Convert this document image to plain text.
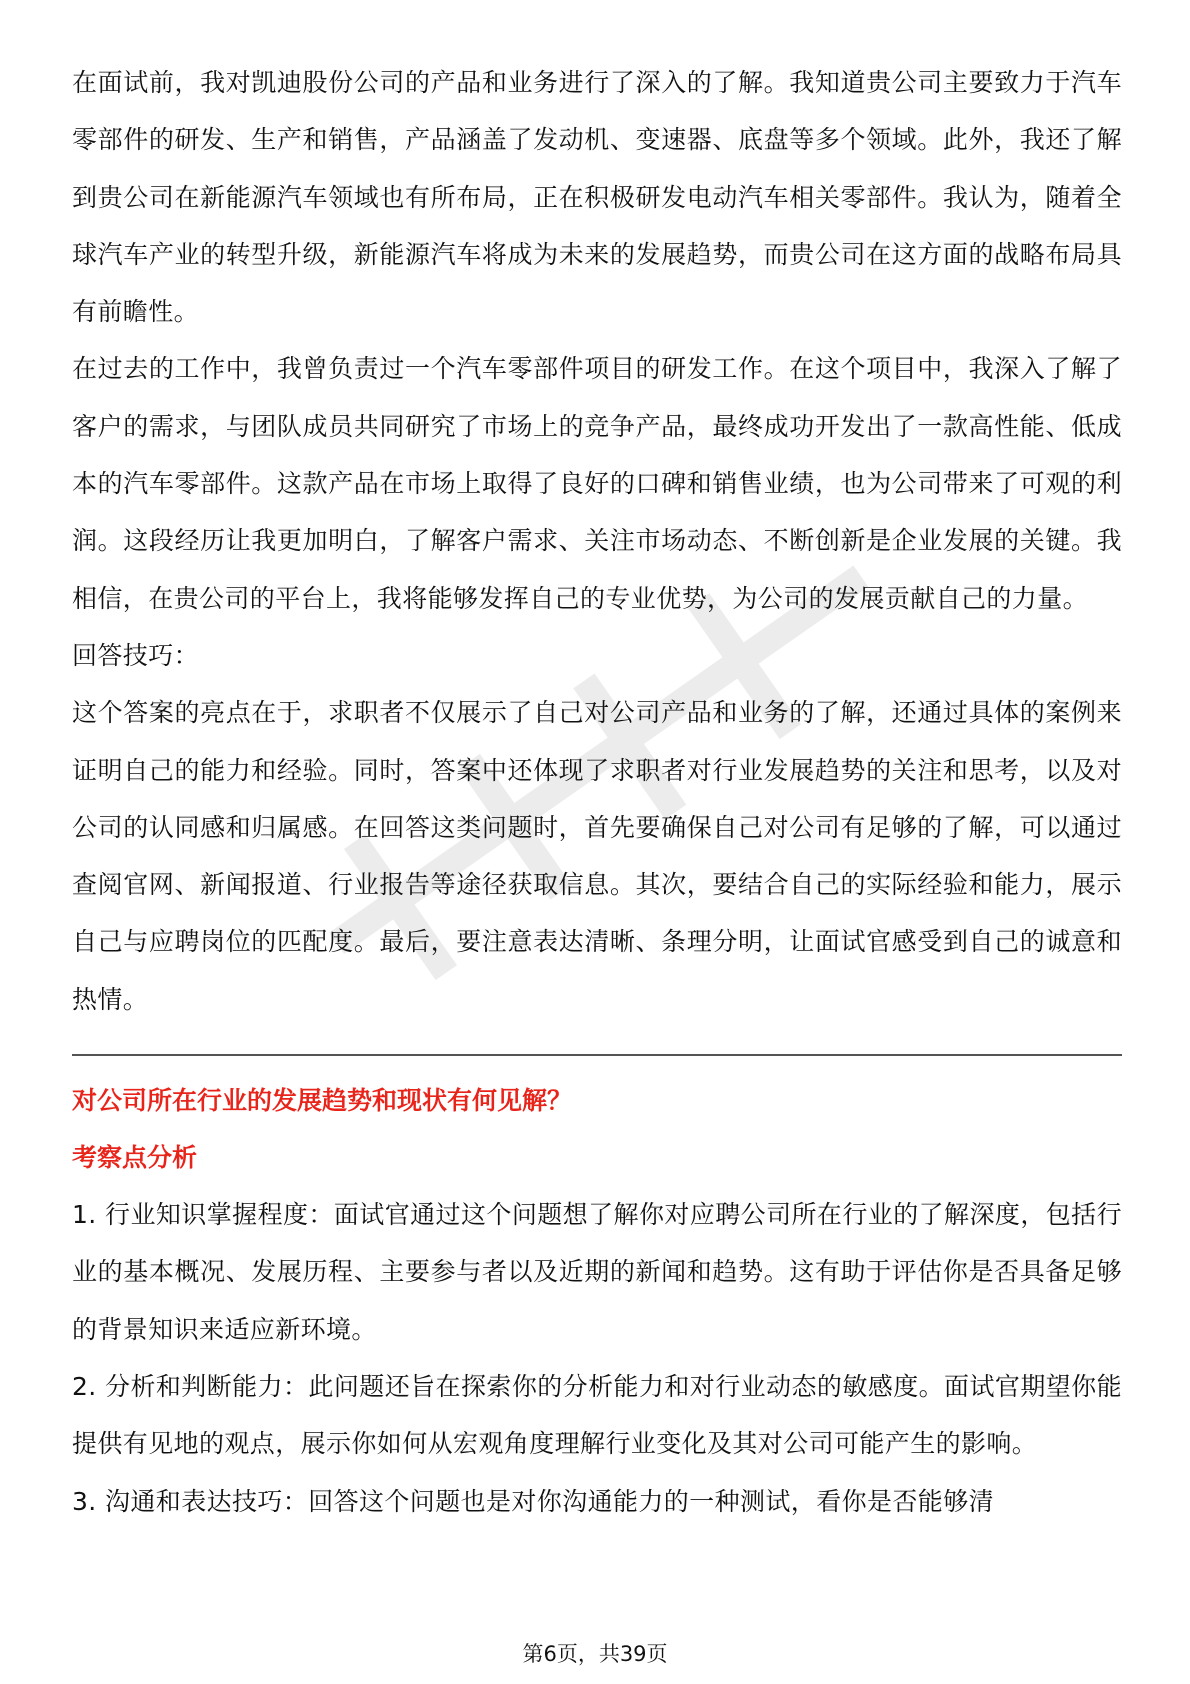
在面试前，我对凯迪股份公司的产品和业务进行了深入的了解。我知道贵公司主要致力于汽车零部件的研发、生产和销售，产品涵盖了发动机、变速器、底盘等多个领域。此外，我还了解到贵公司在新能源汽车领域也有所布局，正在积极研发电动汽车相关零部件。我认为，随着全球汽车产业的转型升级，新能源汽车将成为未来的发展趋势，而贵公司在这方面的战略布局具有前瞻性。

在过去的工作中，我曾负责过一个汽车零部件项目的研发工作。在这个项目中，我深入了解了客户的需求，与团队成员共同研究了市场上的竞争产品，最终成功开发出了一款高性能、低成本的汽车零部件。这款产品在市场上取得了良好的口碑和销售业绩，也为公司带来了可观的利润。这段经历让我更加明白，了解客户需求、关注市场动态、不断创新是企业发展的关键。我相信，在贵公司的平台上，我将能够发挥自己的专业优势，为公司的发展贡献自己的力量。

回答技巧：

这个答案的亮点在于，求职者不仅展示了自己对公司产品和业务的了解，还通过具体的案例来证明自己的能力和经验。同时，答案中还体现了求职者对行业发展趋势的关注和思考，以及对公司的认同感和归属感。在回答这类问题时，首先要确保自己对公司有足够的了解，可以通过查阅官网、新闻报道、行业报告等途径获取信息。其次，要结合自己的实际经验和能力，展示自己与应聘岗位的匹配度。最后，要注意表达清晰、条理分明，让面试官感受到自己的诚意和热情。

对公司所在行业的发展趋势和现状有何见解？

考察点分析

1. 行业知识掌握程度：面试官通过这个问题想了解你对应聘公司所在行业的了解深度，包括行业的基本概况、发展历程、主要参与者以及近期的新闻和趋势。这有助于评估你是否具备足够的背景知识来适应新环境。

2. 分析和判断能力：此问题还旨在探索你的分析能力和对行业动态的敏感度。面试官期望你能提供有见地的观点，展示你如何从宏观角度理解行业变化及其对公司可能产生的影响。

3. 沟通和表达技巧：回答这个问题也是对你沟通能力的一种测试，看你是否能够清

第6页，共39页
